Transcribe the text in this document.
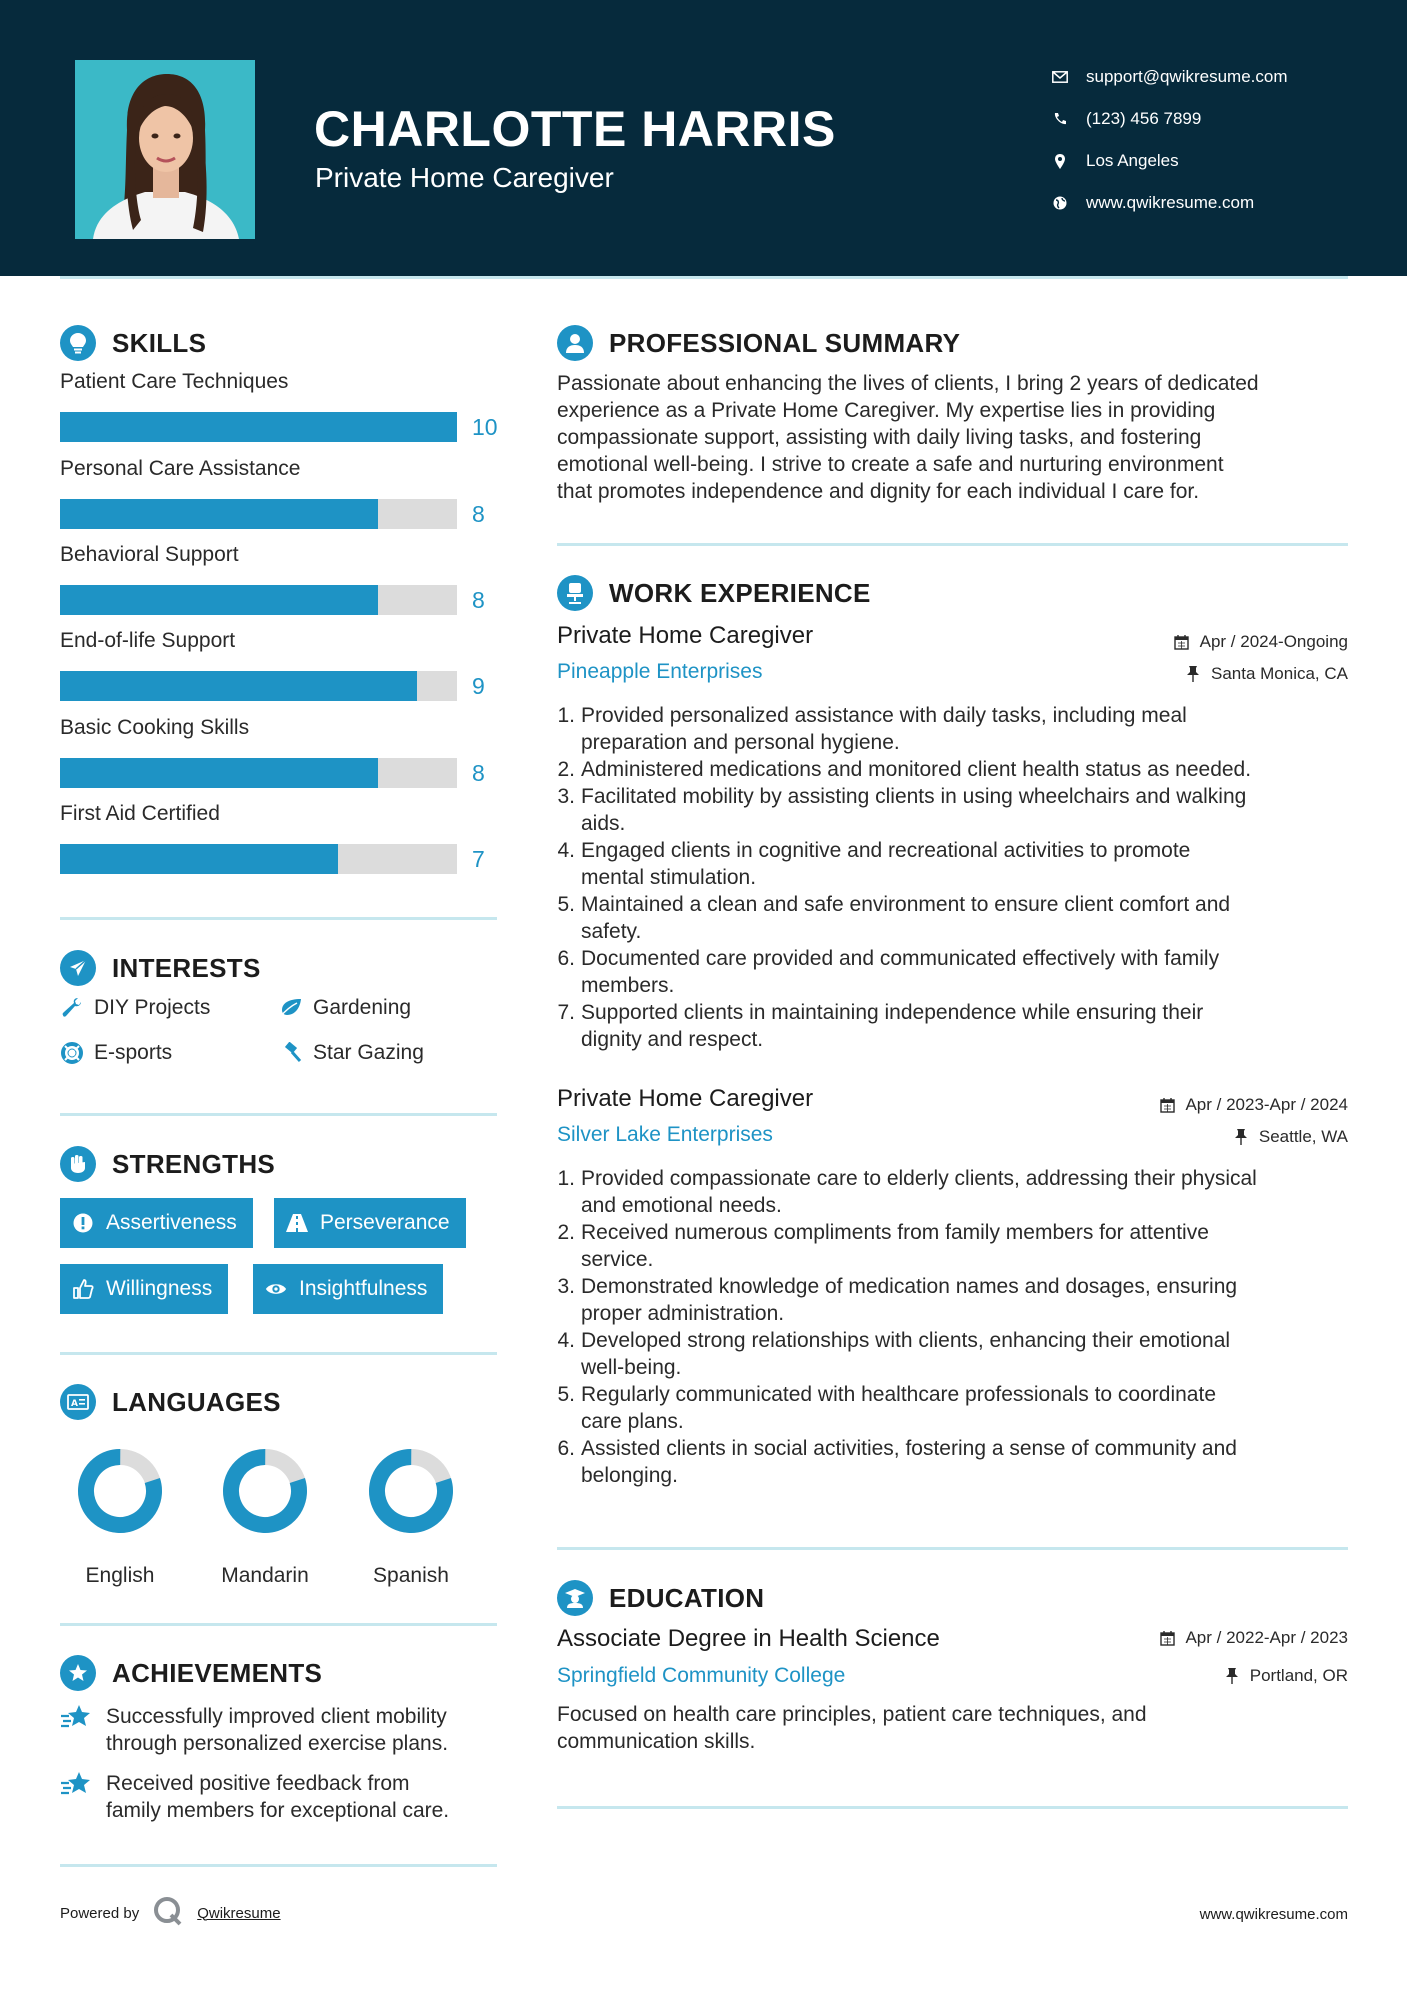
CHARLOTTE HARRIS
Private Home Caregiver
support@qwikresume.com
(123) 456 7899
Los Angeles
www.qwikresume.com
SKILLS
Patient Care Techniques
10
Personal Care Assistance
8
Behavioral Support
8
End-of-life Support
9
Basic Cooking Skills
8
First Aid Certified
7
INTERESTS
DIY Projects	Gardening
E-sports	Star Gazing
STRENGTHS
Assertiveness	Perseverance
Willingness	Insightfulness
A LANGUAGES
English	Mandarin	Spanish
ACHIEVEMENTS
Successfully improved client mobility
through personalized exercise plans.
Received positive feedback from
family members for exceptional care.
PROFESSIONAL SUMMARY
Passionate about enhancing the lives of clients, I bring 2 years of dedicated
experience as a Private Home Caregiver. My expertise lies in providing
compassionate support, assisting with daily living tasks, and fostering
emotional well-being. I strive to create a safe and nurturing environment
that promotes independence and dignity for each individual I care for.
WORK EXPERIENCE
Private Home Caregiver	Apr / 2024-Ongoing
Pineapple Enterprises	Santa Monica, CA
1. Provided personalized assistance with daily tasks, including meal
preparation and personal hygiene.
2. Administered medications and monitored client health status as needed.
3. Facilitated mobility by assisting clients in using wheelchairs and walking
aids.
4. Engaged clients in cognitive and recreational activities to promote
mental stimulation.
5. Maintained a clean and safe environment to ensure client comfort and
safety.
6. Documented care provided and communicated effectively with family
members.
7. Supported clients in maintaining independence while ensuring their
dignity and respect.
Private Home Caregiver	Apr / 2023-Apr / 2024
Silver Lake Enterprises	Seattle, WA
1. Provided compassionate care to elderly clients, addressing their physical
and emotional needs.
2. Received numerous compliments from family members for attentive
service.
3. Demonstrated knowledge of medication names and dosages, ensuring
proper administration.
4. Developed strong relationships with clients, enhancing their emotional
well-being.
5. Regularly communicated with healthcare professionals to coordinate
care plans.
6. Assisted clients in social activities, fostering a sense of community and
belonging.
EDUCATION
Associate Degree in Health Science	Apr / 2022-Apr / 2023
Springfield Community College	Portland, OR
Focused on health care principles, patient care techniques, and
communication skills.
Powered by	Qwikresume	www.qwikresume.com
